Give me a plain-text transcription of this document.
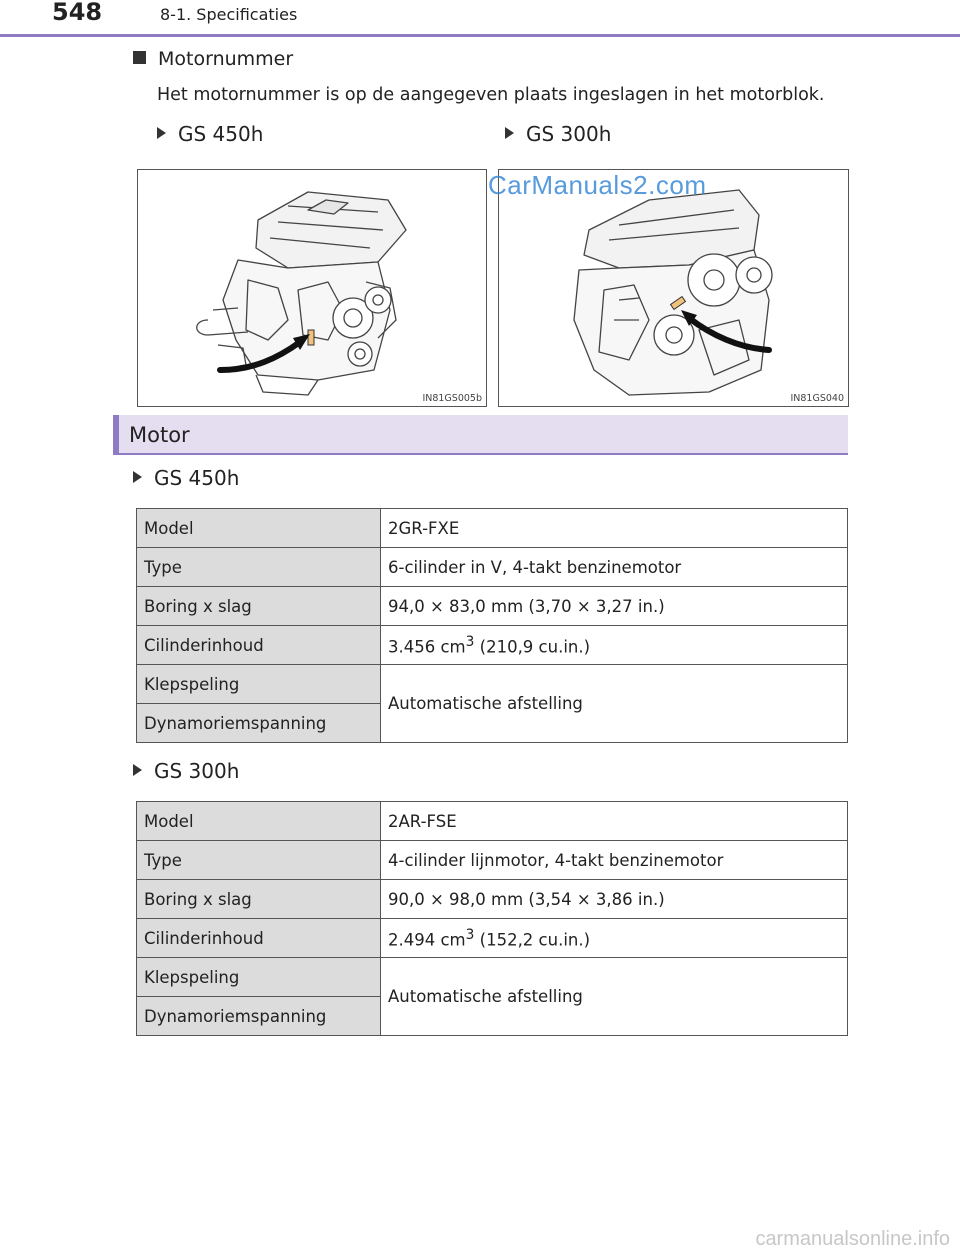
548	8-1. Specificaties
Motornummer
Het motornummer is op de aangegeven plaats ingeslagen in het motorblok.
GS 450h	GS 300h
IN81GS005b	IN81GS040
CarManuals2.com
Motor
GS 450h
Model	2GR-FXE
Type	6-cilinder in V, 4-takt benzinemotor
Boring x slag	94,0 × 83,0 mm (3,70 × 3,27 in.)
Cilinderinhoud	3.456 $cm^3$ (210,9 cu.in.)
Klepspeling	Automatische afstelling
Dynamoriemspanning	
GS 300h
Model	2AR-FSE
Type	4-cilinder lijnmotor, 4-takt benzinemotor
Boring x slag	90,0 × 98,0 mm (3,54 × 3,86 in.)
Cilinderinhoud	2.494 $cm^3$ (152,2 cu.in.)
Klepspeling	Automatische afstelling
Dynamoriemspanning	
carmanualsonline.info
